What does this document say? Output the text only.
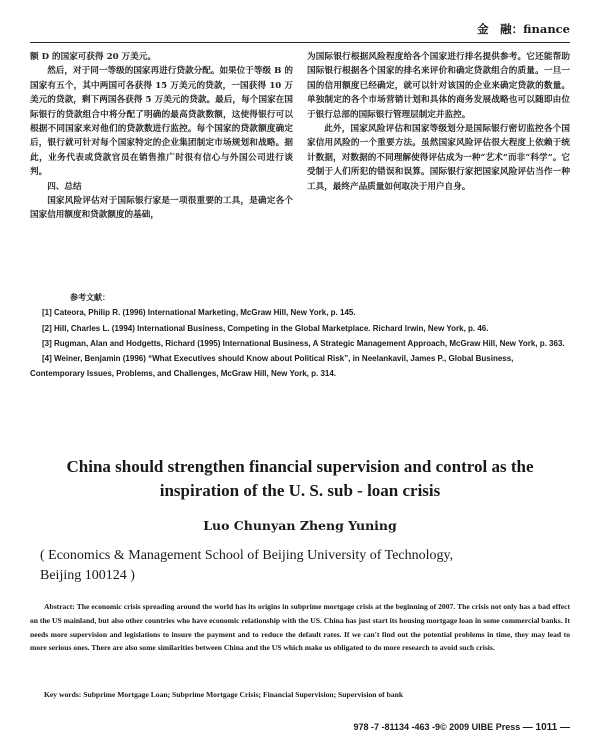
金　融：finance

额 D 的国家可获得 20 万美元。

然后，对于同一等级的国家再进行贷款分配。如果位于等级 B 的国家有五个，其中两国可各获得 15 万美元的贷款，一国获得 10 万美元的贷款，剩下两国各获得 5 万美元的贷款。最后，每个国家在国际银行的贷款组合中将分配了明确的最高贷款数额，这使得银行可以根据不同国家来对他们的贷款数进行监控。每个国家的贷款额度确定后，银行就可针对每个国家特定的企业集团制定市场规划和战略。据此，业务代表或贷款官员在销售推广时很有信心与外国公司进行谈判。

四、总结

国家风险评估对于国际银行家是一项很重要的工具，是确定各个国家信用额度和贷款额度的基础，

为国际银行根据风险程度给各个国家进行排名提供参考。它还能帮助国际银行根据各个国家的排名来评价和确定贷款组合的质量。一旦一国的信用额度已经确定，就可以针对该国的企业来确定贷款的数量。单独制定的各个市场营销计划和具体的商务发展战略也可以随即由位于银行总部的国际银行管理层制定并监控。

此外，国家风险评估和国家等级划分是国际银行密切监控各个国家信用风险的一个重要方法。虽然国家风险评估很大程度上依赖于统计数据，对数据的不同理解使得评估成为一种“艺术”而非“科学”。它受制于人们所犯的错误和误算。国际银行家把国家风险评估当作一种工具，最终产品质量如何取决于用户自身。

参考文献：

[1] Cateora, Philip R. (1996) International Marketing, McGraw Hill, New York, p. 145.

[2] Hill, Charles L. (1994) International Business, Competing in the Global Marketplace. Richard Irwin, New York, p. 46.

[3] Rugman, Alan and Hodgetts, Richard (1995) International Business, A Strategic Management Approach, McGraw Hill, New York, p. 363.

[4] Weiner, Benjamin (1996) “What Executives should Know about Political Risk”, in Neelankavil, James P., Global Business, Contemporary Issues, Problems, and Challenges, McGraw Hill, New York, p. 314.

China should strengthen financial supervision and control as the
inspiration of the U. S. sub - loan crisis
Luo Chunyan Zheng Yuning
( Economics & Management School of Beijing University of Technology,
Beijing 100124 )

Abstract: The economic crisis spreading around the world has its origins in subprime mortgage crisis at the beginning of 2007. The crisis not only has a bad effect on the US mainland, but also other countries who have economic relationship with the US. China has just start its housing mortgage loan in some commercial banks. It needs more supervision and legislations to insure the payment and to reduce the default rates. If we can't find out the potential problems in time, they may lead to more serious ones. There are also some similarities between China and the US which make us obligated to do more research to avoid such crisis.

Key words: Subprime Mortgage Loan; Subprime Mortgage Crisis; Financial Supervision; Supervision of bank
978 -7 -81134 -463 -9© 2009 UIBE Press — 1011 —
